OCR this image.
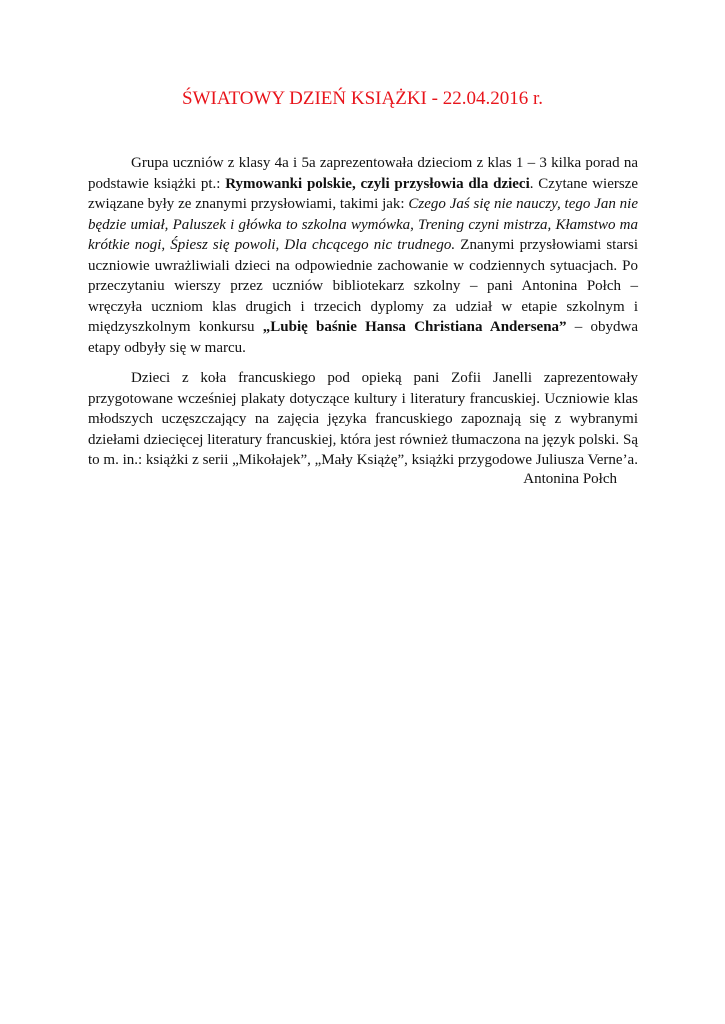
ŚWIATOWY DZIEŃ KSIĄŻKI - 22.04.2016 r.

Grupa uczniów z klasy 4a i 5a zaprezentowała dzieciom z klas 1 – 3 kilka porad na podstawie książki pt.: Rymowanki polskie, czyli przysłowia dla dzieci. Czytane wiersze związane były ze znanymi przysłowiami, takimi jak: Czego Jaś się nie nauczy, tego Jan nie będzie umiał, Paluszek i główka to szkolna wymówka, Trening czyni mistrza, Kłamstwo ma krótkie nogi, Śpiesz się powoli, Dla chcącego nic trudnego. Znanymi przysłowiami starsi uczniowie uwrażliwiali dzieci na odpowiednie zachowanie w codziennych sytuacjach. Po przeczytaniu wierszy przez uczniów bibliotekarz szkolny – pani Antonina Połch – wręczyła uczniom klas drugich i trzecich dyplomy za udział w etapie szkolnym i międzyszkolnym konkursu „Lubię baśnie Hansa Christiana Andersena” – obydwa etapy odbyły się w marcu.

Dzieci z koła francuskiego pod opieką pani Zofii Janelli zaprezentowały przygotowane wcześniej plakaty dotyczące kultury i literatury francuskiej. Uczniowie klas młodszych uczęszczający na zajęcia języka francuskiego zapoznają się z wybranymi dziełami dziecięcej literatury francuskiej, która jest również tłumaczona na język polski. Są to m. in.: książki z serii „Mikołajek”, „Mały Książę”, książki przygodowe Juliusza Verne’a.

Antonina Połch
